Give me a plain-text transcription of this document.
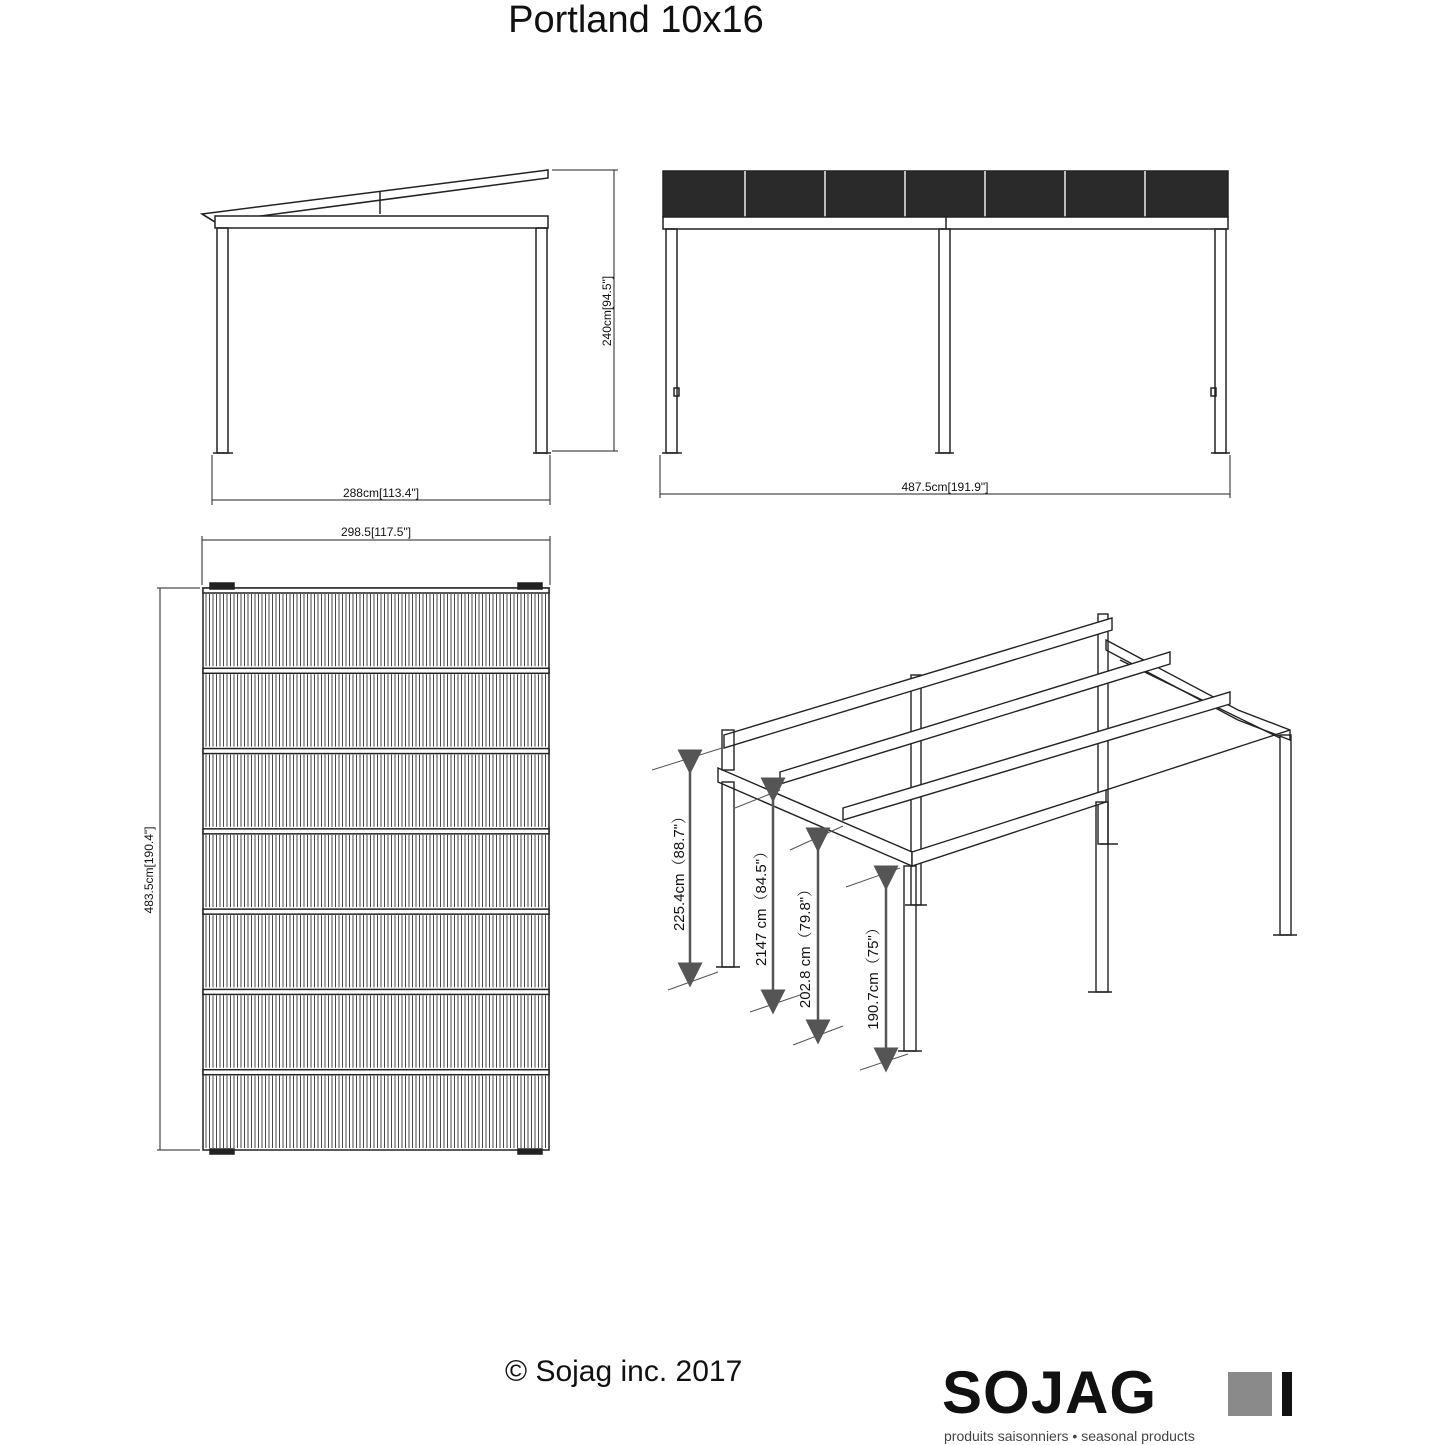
Portland 10x16
288cm[113.4"]
240cm[94.5"]
487.5cm[191.9"]
298.5[117.5"]
483.5cm[190.4"]	225.4cm（88.7"）	2147 cm（84.5"） 202.8 cm（79.8"）	190.7cm（75"）
© Sojag inc. 2017	SOJAG
produits saisonniers • seasonal products
